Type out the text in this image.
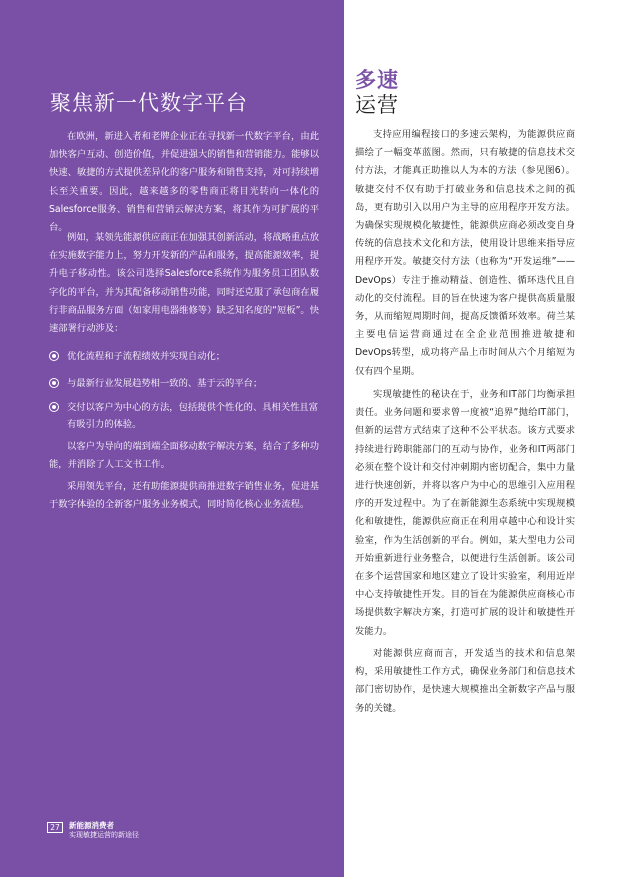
聚焦新一代数字平台

在欧洲，新进入者和老牌企业正在寻找新一代数字平台，由此加快客户互动、创造价值，并促进强大的销售和营销能力。能够以快速、敏捷的方式提供差异化的客户服务和销售支持，对可持续增长至关重要。因此，越来越多的零售商正将目光转向一体化的Salesforce服务、销售和营销云解决方案，将其作为可扩展的平台。

例如，某领先能源供应商正在加强其创新活动，将战略重点放在实施数字能力上，努力开发新的产品和服务，提高能源效率，提升电子移动性。该公司选择Salesforce系统作为服务员工团队数字化的平台，并为其配备移动销售功能，同时还克服了承包商在履行非商品服务方面（如家用电器维修等）缺乏知名度的“短板”。快速部署行动涉及：

优化流程和子流程绩效并实现自动化；
与最新行业发展趋势相一致的、基于云的平台；
交付以客户为中心的方法，包括提供个性化的、具相关性且富有吸引力的体验。

以客户为导向的端到端全面移动数字解决方案，结合了多种功能，并消除了人工文书工作。

采用领先平台，还有助能源提供商推进数字销售业务，促进基于数字体验的全新客户服务业务模式，同时简化核心业务流程。

27	新能源消费者
实现敏捷运营的新途径
多速
运营

支持应用编程接口的多速云架构，为能源供应商描绘了一幅变革蓝图。然而，只有敏捷的信息技术交付方法，才能真正助推以人为本的方法（参见图6）。敏捷交付不仅有助于打破业务和信息技术之间的孤岛，更有助引入以用户为主导的应用程序开发方法。为确保实现规模化敏捷性，能源供应商必须改变自身传统的信息技术文化和方法，使用设计思维来指导应用程序开发。敏捷交付方法（也称为“开发运维”——DevOps）专注于推动精益、创造性、循环迭代且自动化的交付流程。目的旨在快速为客户提供高质量服务，从而缩短周期时间，提高反馈循环效率。荷兰某主要电信运营商通过在全企业范围推进敏捷和DevOps转型，成功将产品上市时间从六个月缩短为仅有四个星期。

实现敏捷性的秘诀在于，业务和IT部门均衡承担责任。业务问题和要求曾一度被“追界”抛给IT部门，但新的运营方式结束了这种不公平状态。该方式要求持续进行跨职能部门的互动与协作，业务和IT两部门必须在整个设计和交付冲刺期内密切配合，集中力量进行快速创新，并将以客户为中心的思维引入应用程序的开发过程中。为了在新能源生态系统中实现规模化和敏捷性，能源供应商正在利用卓越中心和设计实验室，作为生活创新的平台。例如，某大型电力公司开始重新进行业务整合，以便进行生活创新。该公司在多个运营国家和地区建立了设计实验室，利用近岸中心支持敏捷性开发。目的旨在为能源供应商核心市场提供数字解决方案，打造可扩展的设计和敏捷性开发能力。

对能源供应商而言，开发适当的技术和信息架构，采用敏捷性工作方式，确保业务部门和信息技术部门密切协作，是快速大规模推出全新数字产品与服务的关键。
